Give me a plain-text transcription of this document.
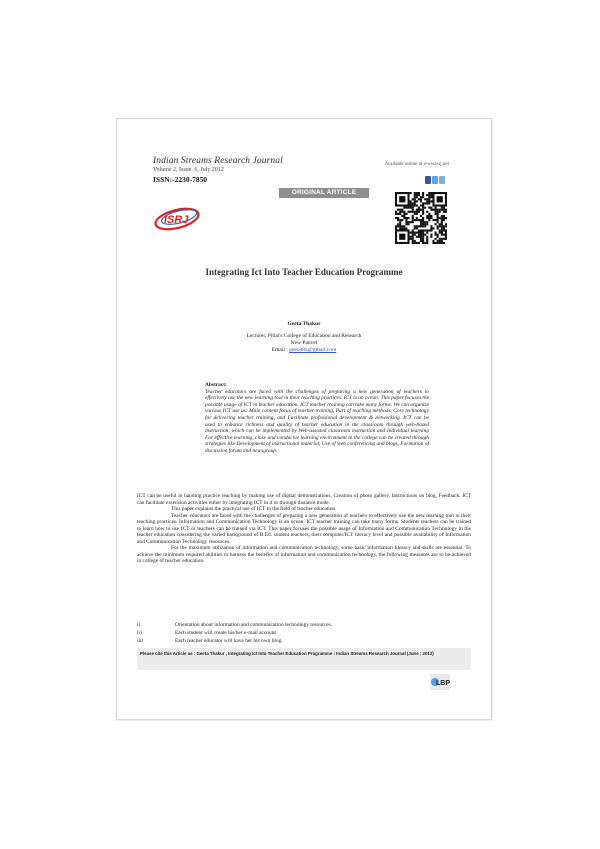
Indian Streams Research Journal
Volume 2, Issue. 6, July 2012
ISSN:-2230-7850
Available online at www.isrj.net
ORIGINAL ARTICLE
ISRJ
Integrating Ict Into Teacher Education Programme
Geeta Thakur
Lecturer, Pillai's College of Education and Research
New Panvel
Email : geetat84@gmail.com
Abstract:
Teacher educators are faced with the challenges of preparing a new generation of teachers to effectively use the new learning tool in their teaching practices. ICT is an ocean. This paper focuses the possible usage of ICT in teacher education. ICT teacher training can take many forms. We can organize various ICT use as: Main content focus of teacher training, Part of teaching methods, Core technology for delivering teacher training, and Facilitate professional development & networking. ICT can be used to enhance richness and quality of teacher education in the classroom through web-based instruction, which can be implemented by Web-assisted classroom instruction and Individual learning For effective learning, close and conducive learning environment in the college can be created through strategies like Development of instructional material, Use of web conferencing and blogs, Formation of discussion forum and newsgroup.

ICT can be useful in handing practice teaching by making use of digital demonstrations, Creation of photo gallery, Instructions on blog, Feedback. ICT can facilitate extension activities either by integrating ICT in it or through distance mode.

This paper explains the practical use of ICT in the field of teacher education.

Teacher educators are faced with the challenges of preparing a new generation of teachers to effectively use the new learning tool in their teaching practices. Information and Communication Technology is an ocean. ICT teacher training can take many forms. Students teachers can be trained to learn how to use ICT or teachers can be trained via ICT. This paper focuses the possible usage of Information and Communication Technology in the teacher education considering the varied background of B.Ed. student teachers, their computer/ICT literacy level and possible availability of Information and Communication Technology resources.

For the maximum utilization of information and communication technology, some basic information literacy and skills are essential. To achieve the minimum required abilities to harness the benefits of information and communication technology, the following measures are to be achieved in college of teacher education.

i)	Orientation about information and communication technology resources.
ii)	Each student will create his/her e-mail account.
iii)	Each teacher educator will have her his own blog.
Please cite this Article as : Geeta Thakur , Integrating Ict Into Teacher Education Programme : Indian Streams Research Journal (June ; 2012)
LBP
